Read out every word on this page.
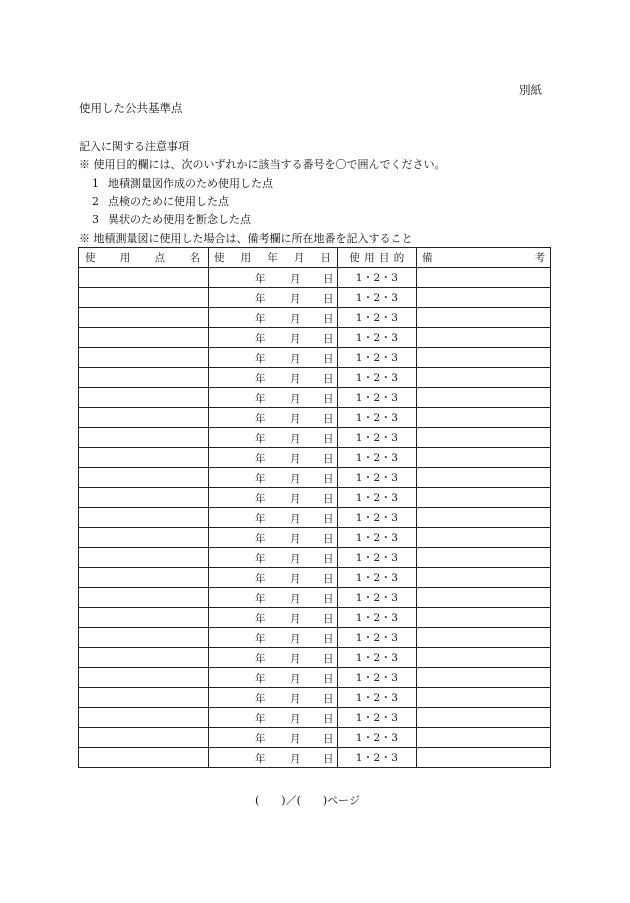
別紙
使用した公共基準点
記入に関する注意事項
※ 使用目的欄には、次のいずれかに該当する番号を〇で囲んでください。
1 地積測量図作成のため使用した点
2 点検のために使用した点
3 異状のため使用を断念した点
※ 地積測量図に使用した場合は、備考欄に所在地番を記入すること
使 用 点 名	使 用 年 月 日	使 用 目 的	備 考

	年 月 日	1・2・3	

	年 月 日	1・2・3	

	年 月 日	1・2・3	

	年 月 日	1・2・3	

	年 月 日	1・2・3	

	年 月 日	1・2・3	

	年 月 日	1・2・3	

	年 月 日	1・2・3	

	年 月 日	1・2・3	

	年 月 日	1・2・3	

	年 月 日	1・2・3	

	年 月 日	1・2・3	

	年 月 日	1・2・3	

	年 月 日	1・2・3	

	年 月 日	1・2・3	

	年 月 日	1・2・3	

	年 月 日	1・2・3	

	年 月 日	1・2・3	

	年 月 日	1・2・3	

	年 月 日	1・2・3	

	年 月 日	1・2・3	

	年 月 日	1・2・3	

	年 月 日	1・2・3	

	年 月 日	1・2・3	

	年 月 日	1・2・3	
(　　)／(　　)ページ
